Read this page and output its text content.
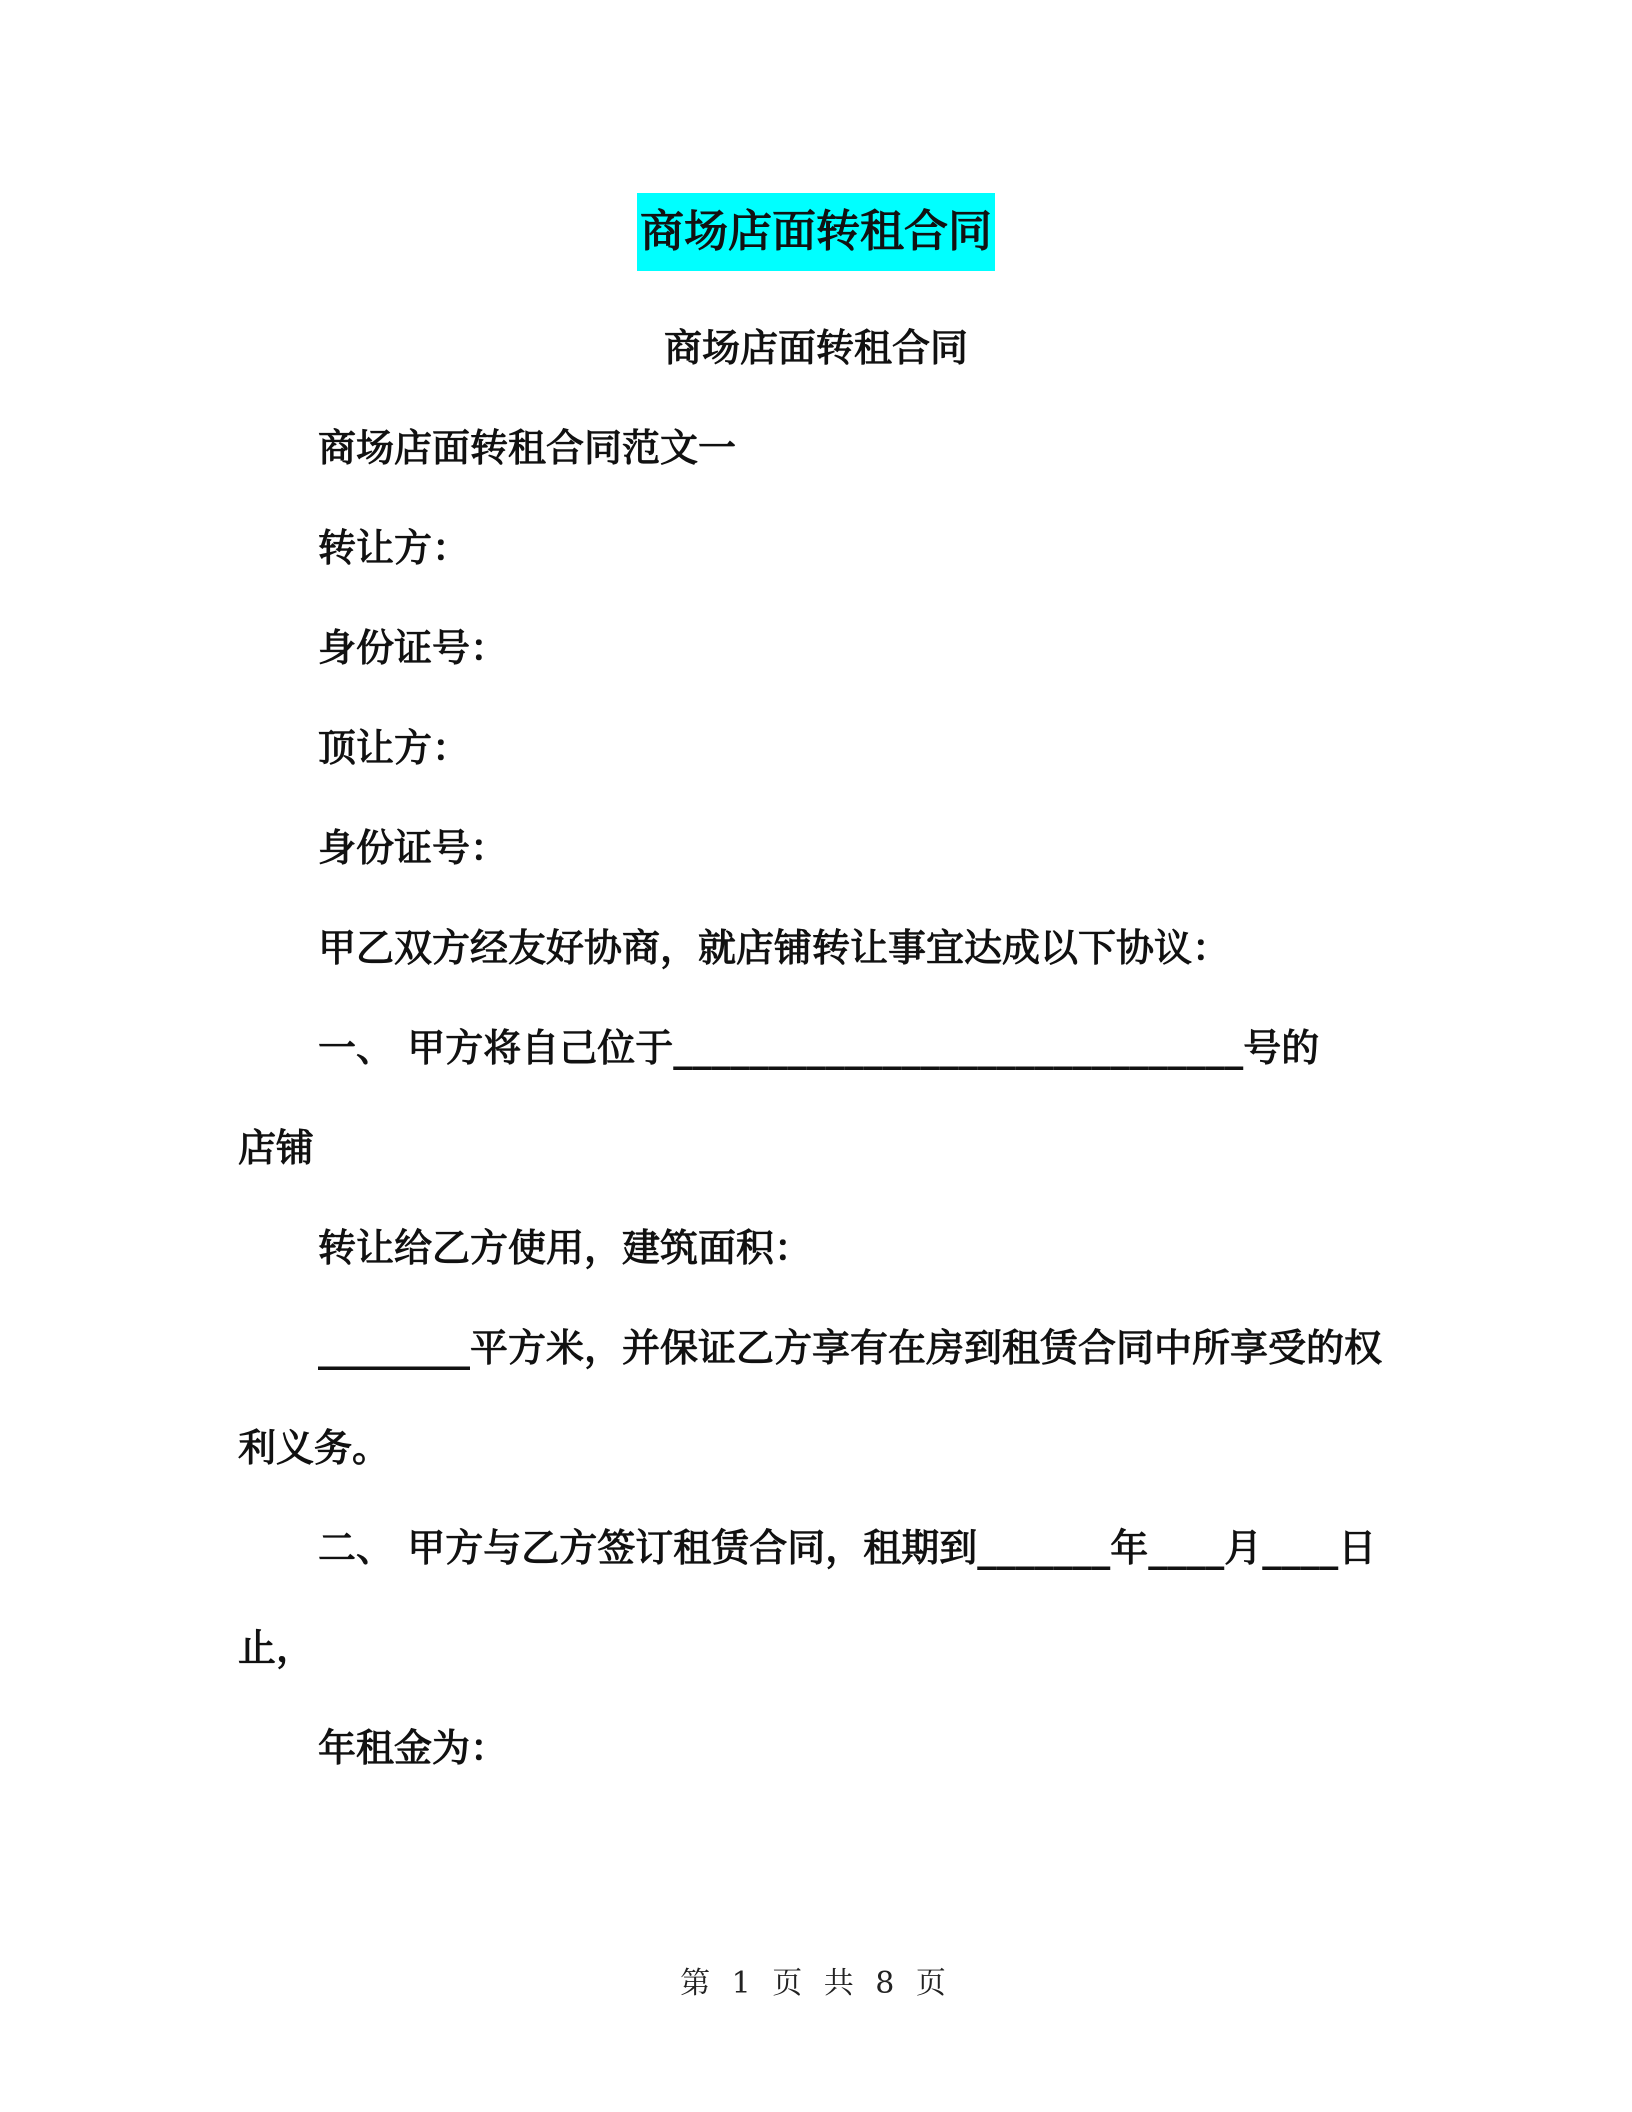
商场店面转租合同
商场店面转租合同
商场店面转租合同范文一
转让方：
身份证号：
顶让方：
身份证号：
甲乙双方经友好协商，就店铺转让事宜达成以下协议：
一、 甲方将自己位于______________________________号的
店铺
转让给乙方使用，建筑面积：
________平方米，并保证乙方享有在房到租赁合同中所享受的权
利义务。
二、 甲方与乙方签订租赁合同，租期到_______年____月____日
止，
年租金为：
第 1 页 共 8 页
